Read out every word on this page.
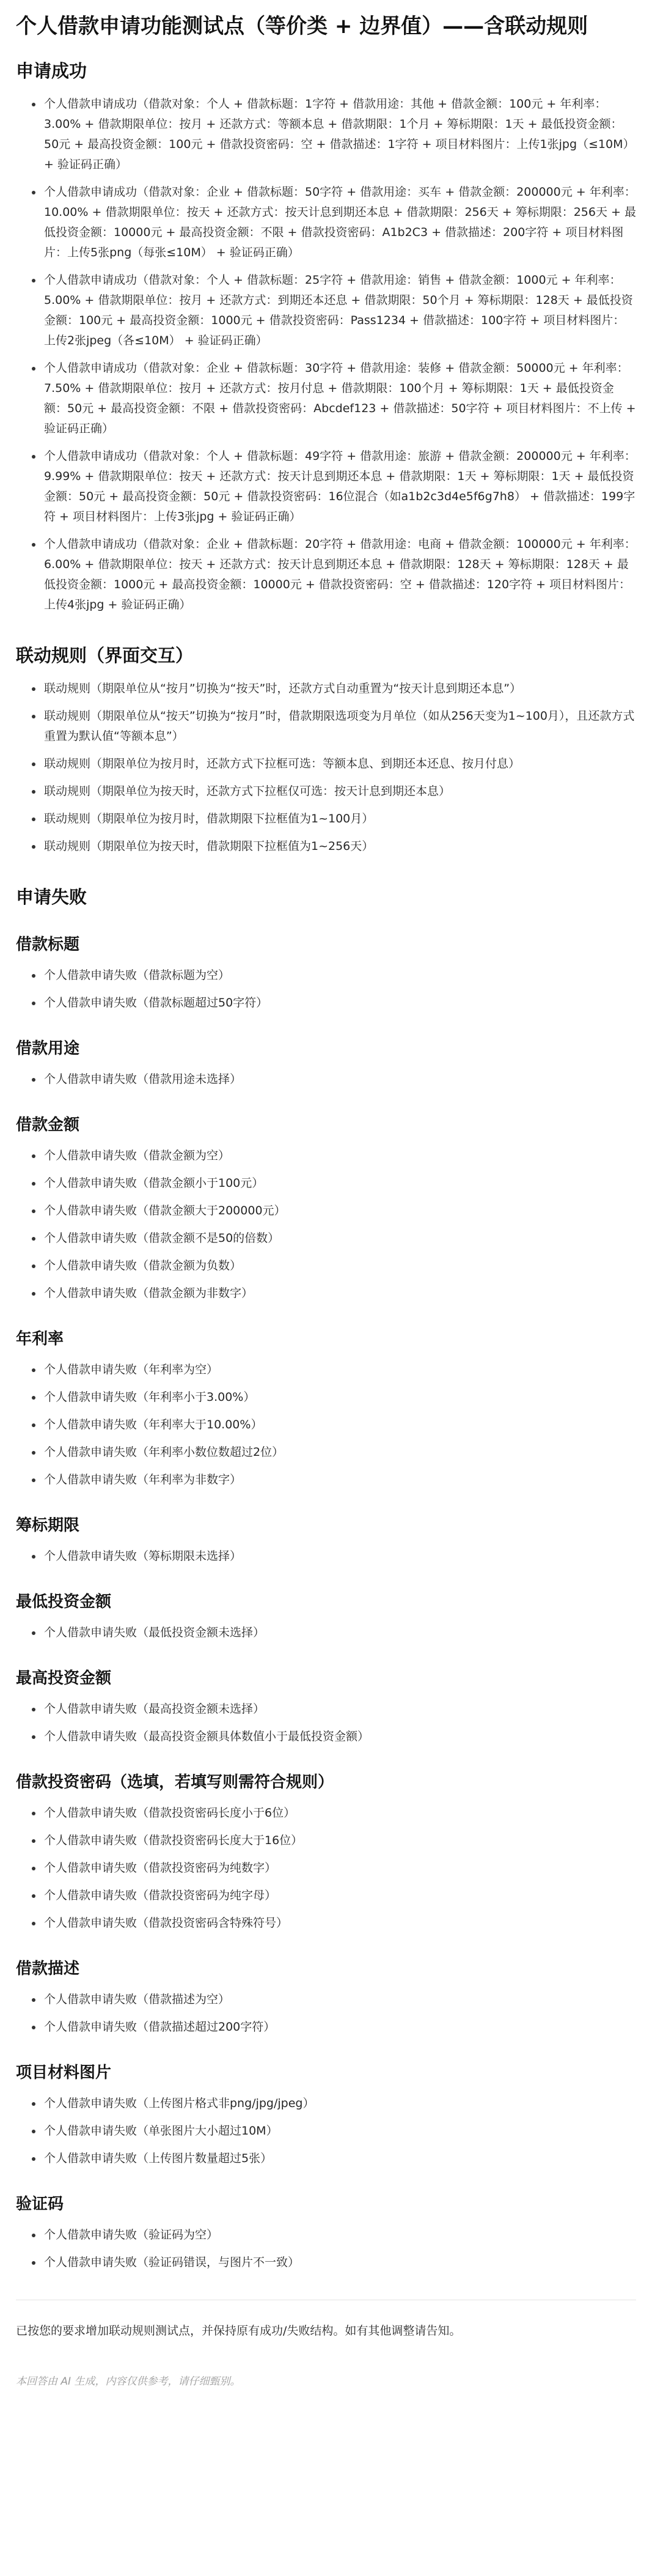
个人借款申请功能测试点（等价类 + 边界值）——含联动规则
申请成功
个人借款申请成功（借款对象：个人 + 借款标题：1字符 + 借款用途：其他 + 借款金额：100元 + 年利率：3.00% + 借款期限单位：按月 + 还款方式：等额本息 + 借款期限：1个月 + 筹标期限：1天 + 最低投资金额：50元 + 最高投资金额：100元 + 借款投资密码：空 + 借款描述：1字符 + 项目材料图片：上传1张jpg（≤10M） + 验证码正确）
个人借款申请成功（借款对象：企业 + 借款标题：50字符 + 借款用途：买车 + 借款金额：200000元 + 年利率：10.00% + 借款期限单位：按天 + 还款方式：按天计息到期还本息 + 借款期限：256天 + 筹标期限：256天 + 最低投资金额：10000元 + 最高投资金额：不限 + 借款投资密码：A1b2C3 + 借款描述：200字符 + 项目材料图片：上传5张png（每张≤10M） + 验证码正确）
个人借款申请成功（借款对象：个人 + 借款标题：25字符 + 借款用途：销售 + 借款金额：1000元 + 年利率：5.00% + 借款期限单位：按月 + 还款方式：到期还本还息 + 借款期限：50个月 + 筹标期限：128天 + 最低投资金额：100元 + 最高投资金额：1000元 + 借款投资密码：Pass1234 + 借款描述：100字符 + 项目材料图片：上传2张jpeg（各≤10M） + 验证码正确）
个人借款申请成功（借款对象：企业 + 借款标题：30字符 + 借款用途：装修 + 借款金额：50000元 + 年利率：7.50% + 借款期限单位：按月 + 还款方式：按月付息 + 借款期限：100个月 + 筹标期限：1天 + 最低投资金额：50元 + 最高投资金额：不限 + 借款投资密码：Abcdef123 + 借款描述：50字符 + 项目材料图片：不上传 + 验证码正确）
个人借款申请成功（借款对象：个人 + 借款标题：49字符 + 借款用途：旅游 + 借款金额：200000元 + 年利率：9.99% + 借款期限单位：按天 + 还款方式：按天计息到期还本息 + 借款期限：1天 + 筹标期限：1天 + 最低投资金额：50元 + 最高投资金额：50元 + 借款投资密码：16位混合（如a1b2c3d4e5f6g7h8） + 借款描述：199字符 + 项目材料图片：上传3张jpg + 验证码正确）
个人借款申请成功（借款对象：企业 + 借款标题：20字符 + 借款用途：电商 + 借款金额：100000元 + 年利率：6.00% + 借款期限单位：按天 + 还款方式：按天计息到期还本息 + 借款期限：128天 + 筹标期限：128天 + 最低投资金额：1000元 + 最高投资金额：10000元 + 借款投资密码：空 + 借款描述：120字符 + 项目材料图片：上传4张jpg + 验证码正确）
联动规则（界面交互）
联动规则（期限单位从“按月”切换为“按天”时，还款方式自动重置为“按天计息到期还本息”）
联动规则（期限单位从“按天”切换为“按月”时，借款期限选项变为月单位（如从256天变为1~100月），且还款方式重置为默认值“等额本息”）
联动规则（期限单位为按月时，还款方式下拉框可选：等额本息、到期还本还息、按月付息）
联动规则（期限单位为按天时，还款方式下拉框仅可选：按天计息到期还本息）
联动规则（期限单位为按月时，借款期限下拉框值为1~100月）
联动规则（期限单位为按天时，借款期限下拉框值为1~256天）
申请失败
借款标题
个人借款申请失败（借款标题为空）
个人借款申请失败（借款标题超过50字符）
借款用途
个人借款申请失败（借款用途未选择）
借款金额
个人借款申请失败（借款金额为空）
个人借款申请失败（借款金额小于100元）
个人借款申请失败（借款金额大于200000元）
个人借款申请失败（借款金额不是50的倍数）
个人借款申请失败（借款金额为负数）
个人借款申请失败（借款金额为非数字）
年利率
个人借款申请失败（年利率为空）
个人借款申请失败（年利率小于3.00%）
个人借款申请失败（年利率大于10.00%）
个人借款申请失败（年利率小数位数超过2位）
个人借款申请失败（年利率为非数字）
筹标期限
个人借款申请失败（筹标期限未选择）
最低投资金额
个人借款申请失败（最低投资金额未选择）
最高投资金额
个人借款申请失败（最高投资金额未选择）
个人借款申请失败（最高投资金额具体数值小于最低投资金额）
借款投资密码（选填，若填写则需符合规则）
个人借款申请失败（借款投资密码长度小于6位）
个人借款申请失败（借款投资密码长度大于16位）
个人借款申请失败（借款投资密码为纯数字）
个人借款申请失败（借款投资密码为纯字母）
个人借款申请失败（借款投资密码含特殊符号）
借款描述
个人借款申请失败（借款描述为空）
个人借款申请失败（借款描述超过200字符）
项目材料图片
个人借款申请失败（上传图片格式非png/jpg/jpeg）
个人借款申请失败（单张图片大小超过10M）
个人借款申请失败（上传图片数量超过5张）
验证码
个人借款申请失败（验证码为空）
个人借款申请失败（验证码错误，与图片不一致）

已按您的要求增加联动规则测试点，并保持原有成功/失败结构。如有其他调整请告知。

本回答由 AI 生成，内容仅供参考，请仔细甄别。
